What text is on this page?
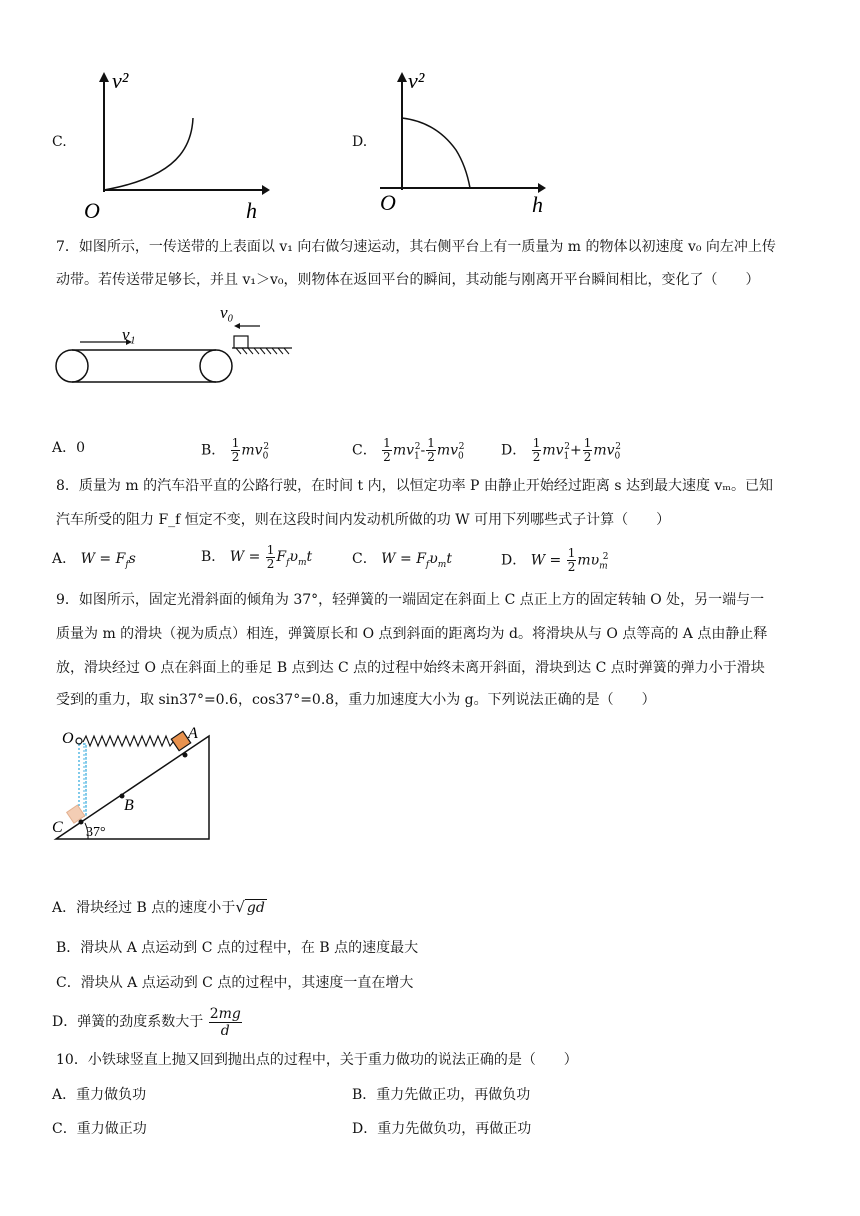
C.
v²
h
O
D.
v²
h
O
7．如图所示，一传送带的上表面以 v₁ 向右做匀速运动，其右侧平台上有一质量为 m 的物体以初速度 v₀ 向左冲上传
动带。若传送带足够长，并且 v₁＞v₀，则物体在返回平台的瞬间，其动能与刚离开平台瞬间相比，变化了（　　）
v₁
v₀
A．0	B． $\frac{1}{2} mv_0^2$	C． $\frac{1}{2} mv_1^2- \frac{1}{2} mv_0^2$	D． $\frac{1}{2} mv_1^2+ \frac{1}{2} mv_0^2$
8．质量为 m 的汽车沿平直的公路行驶，在时间 t 内，以恒定功率 P 由静止开始经过距离 s 达到最大速度 vₘ。已知
汽车所受的阻力 F_f 恒定不变，则在这段时间内发动机所做的功 W 可用下列哪些式子计算（　　）
A． $W = F_fs$	B． $W = \frac{1}{2} F_f\upsilon_mt$	C． $W = F_f\upsilon_mt$	D． $W = \frac{1}{2} m\upsilon_m^2$
9．如图所示，固定光滑斜面的倾角为 37°，轻弹簧的一端固定在斜面上 C 点正上方的固定转轴 O 处，另一端与一
质量为 m 的滑块（视为质点）相连，弹簧原长和 O 点到斜面的距离均为 d。将滑块从与 O 点等高的 A 点由静止释
放，滑块经过 O 点在斜面上的垂足 B 点到达 C 点的过程中始终未离开斜面，滑块到达 C 点时弹簧的弹力小于滑块
受到的重力，取 sin37°=0.6，cos37°=0.8，重力加速度大小为 g。下列说法正确的是（　　）
O	A
B
C 37°
A．滑块经过 B 点的速度小于√ gd
B．滑块从 A 点运动到 C 点的过程中，在 B 点的速度最大
C．滑块从 A 点运动到 C 点的过程中，其速度一直在增大
D．弹簧的劲度系数大于 $\frac{2mg}{d}$
10．小铁球竖直上抛又回到抛出点的过程中，关于重力做功的说法正确的是（　　）
A．重力做负功	B．重力先做正功，再做负功
C．重力做正功	D．重力先做负功，再做正功
